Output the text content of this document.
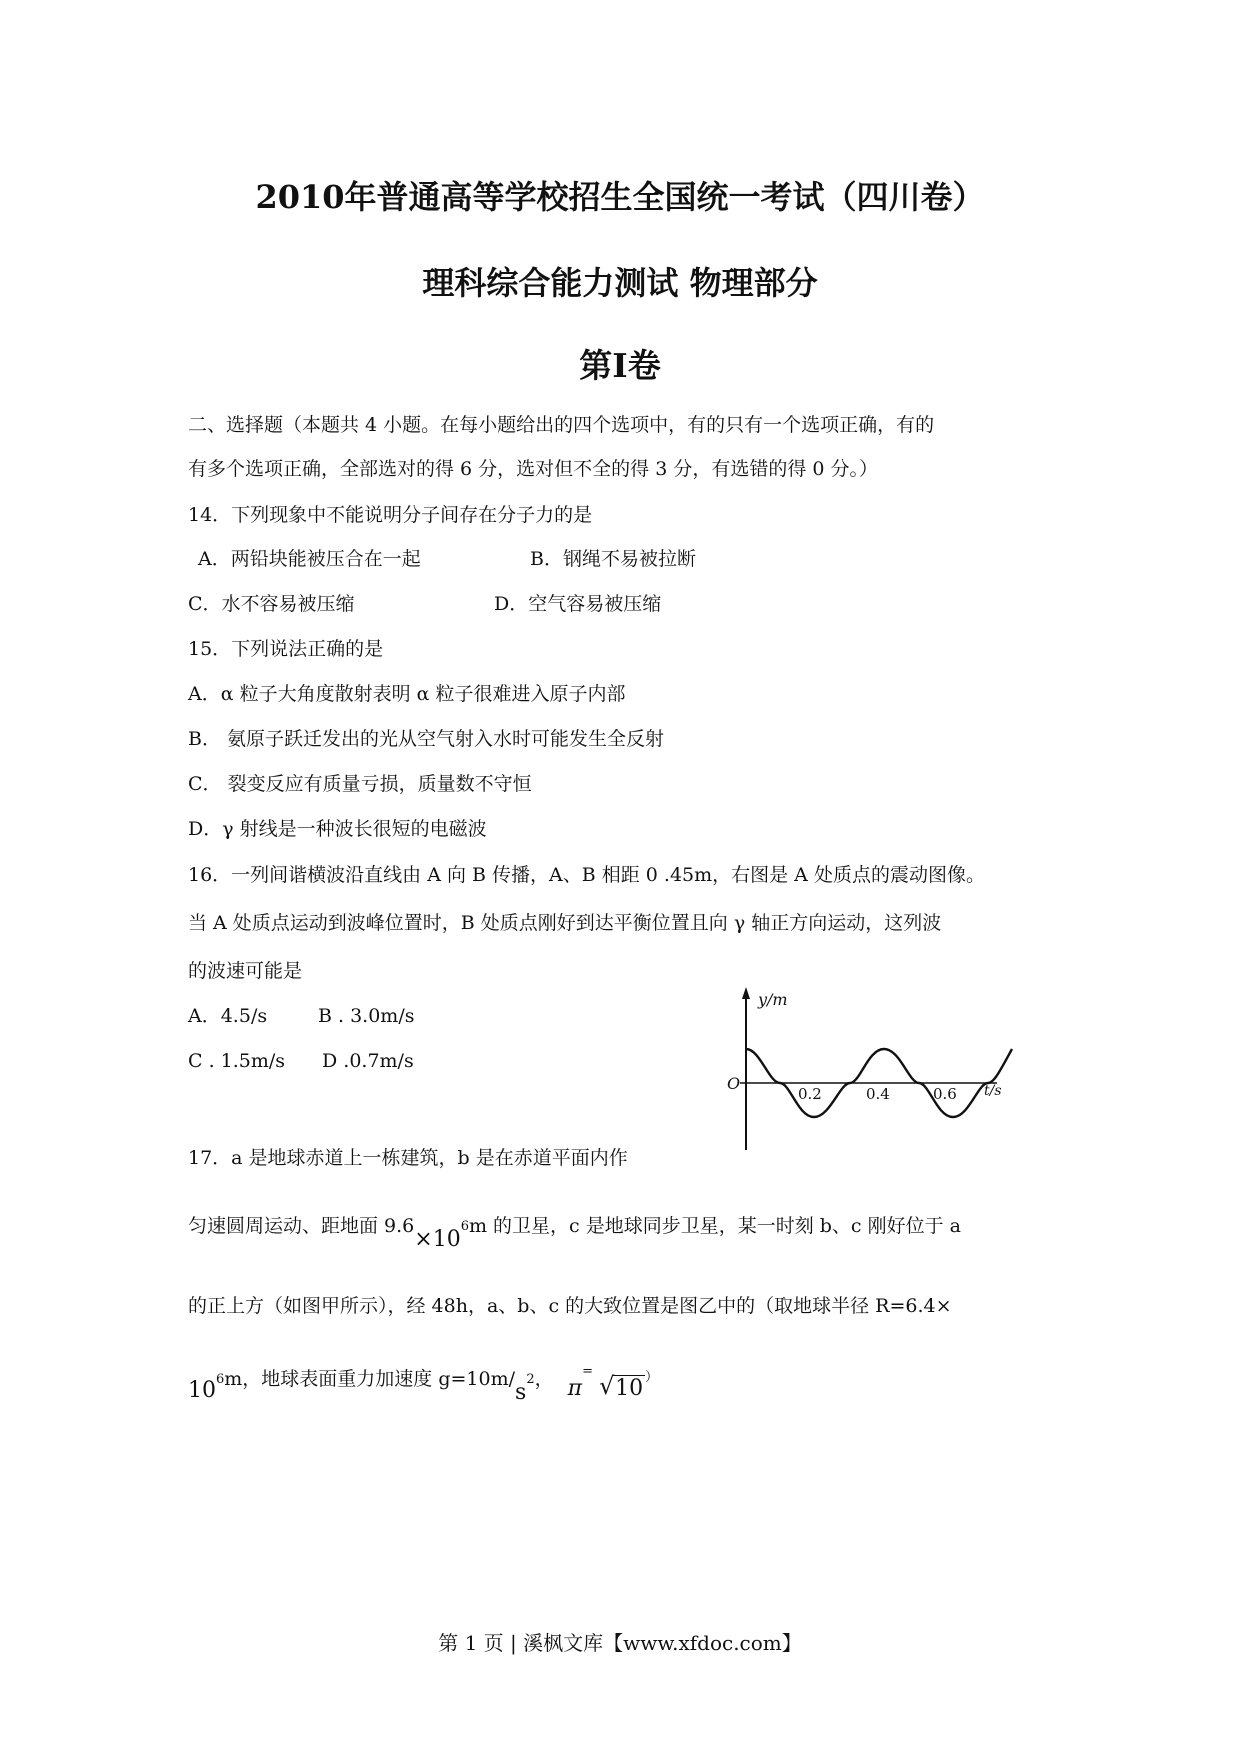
2010年普通高等学校招生全国统一考试（四川卷）
理科综合能力测试 物理部分
第I卷
二、选择题（本题共 4 小题。在每小题给出的四个选项中，有的只有一个选项正确，有的
有多个选项正确，全部选对的得 6 分，选对但不全的得 3 分，有选错的得 0 分。）
14．下列现象中不能说明分子间存在分子力的是
A．两铅块能被压合在一起	B．钢绳不易被拉断
C．水不容易被压缩	D．空气容易被压缩
15．下列说法正确的是
A．α 粒子大角度散射表明 α 粒子很难进入原子内部
B． 氨原子跃迁发出的光从空气射入水时可能发生全反射
C． 裂变反应有质量亏损，质量数不守恒
D．γ 射线是一种波长很短的电磁波
16．一列间谐横波沿直线由 A 向 B 传播，A、B 相距 0 .45m，右图是 A 处质点的震动图像。
当 A 处质点运动到波峰位置时，B 处质点刚好到达平衡位置且向 γ 轴正方向运动，这列波
的波速可能是
A．4.5/s	B . 3.0m/s
C . 1.5m/s D .0.7m/s
y/m
O	t/s
0.2	0.4	0.6
17．a 是地球赤道上一栋建筑，b 是在赤道平面内作
匀速圆周运动、距地面 9.6×106m 的卫星，c 是地球同步卫星，某一时刻 b、c 刚好位于 a
的正上方（如图甲所示），经 48h，a、b、c 的大致位置是图乙中的（取地球半径 R=6.4×
106m，地球表面重力加速度 g=10m/s2， π=
√ 10 ）
第 1 页 | 溪枫文库【www.xfdoc.com】
